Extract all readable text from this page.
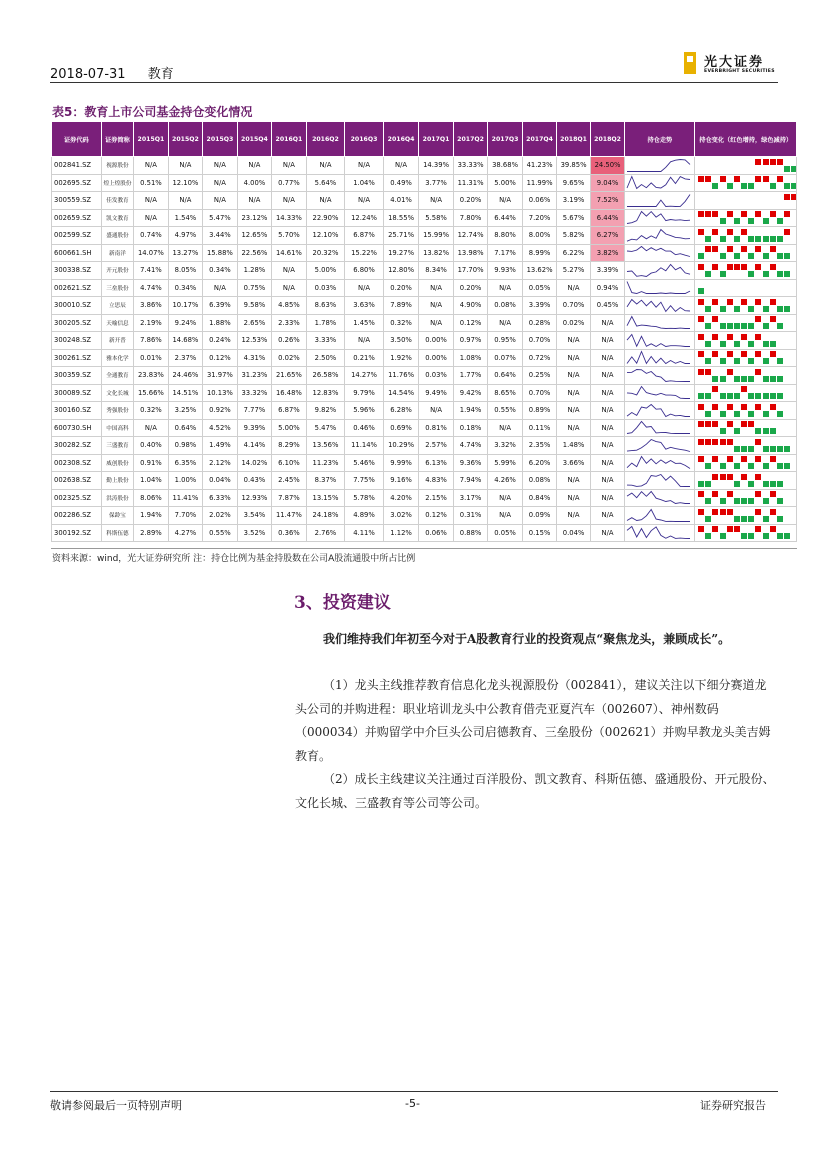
2018-07-31 教育
光大证券
EVERBRIGHT SECURITIES
表5：教育上市公司基金持仓变化情况
证券代码	证券简称	2015Q1	2015Q2	2015Q3	2015Q4	2016Q1	2016Q2	2016Q3	2016Q4	2017Q1	2017Q2	2017Q3	2017Q4	2018Q1	2018Q2	持仓走势	持仓变化（红色增持，绿色减持）
002841.SZ	视源股份	N/A	N/A	N/A	N/A	N/A	N/A	N/A	N/A	14.39%	33.33%	38.68%	41.23%	39.85%	24.50%	

002695.SZ	煌上煌股份	0.51%	12.10%	N/A	4.00%	0.77%	5.64%	1.04%	0.49%	3.77%	11.31%	5.00%	11.99%	9.65%	9.04%	

300559.SZ	佳发教育	N/A	N/A	N/A	N/A	N/A	N/A	N/A	4.01%	N/A	0.20%	N/A	0.06%	3.19%	7.52%	

002659.SZ	凯文教育	N/A	1.54%	5.47%	23.12%	14.33%	22.90%	12.24%	18.55%	5.58%	7.80%	6.44%	7.20%	5.67%	6.44%	

002599.SZ	盛通股份	0.74%	4.97%	3.44%	12.65%	5.70%	12.10%	6.87%	25.71%	15.99%	12.74%	8.80%	8.00%	5.82%	6.27%	

600661.SH	新南洋	14.07%	13.27%	15.88%	22.56%	14.61%	20.32%	15.22%	19.27%	13.82%	13.98%	7.17%	8.99%	6.22%	3.82%	

300338.SZ	开元股份	7.41%	8.05%	0.34%	1.28%	N/A	5.00%	6.80%	12.80%	8.34%	17.70%	9.93%	13.62%	5.27%	3.39%	

002621.SZ	三垒股份	4.74%	0.34%	N/A	0.75%	N/A	0.03%	N/A	0.20%	N/A	0.20%	N/A	0.05%	N/A	0.94%	

300010.SZ	立思辰	3.86%	10.17%	6.39%	9.58%	4.85%	8.63%	3.63%	7.89%	N/A	4.90%	0.08%	3.39%	0.70%	0.45%	

300205.SZ	天喻信息	2.19%	9.24%	1.88%	2.65%	2.33%	1.78%	1.45%	0.32%	N/A	0.12%	N/A	0.28%	0.02%	N/A	

300248.SZ	新开普	7.86%	14.68%	0.24%	12.53%	0.26%	3.33%	N/A	3.50%	0.00%	0.97%	0.95%	0.70%	N/A	N/A	

300261.SZ	雅本化学	0.01%	2.37%	0.12%	4.31%	0.02%	2.50%	0.21%	1.92%	0.00%	1.08%	0.07%	0.72%	N/A	N/A	

300359.SZ	全通教育	23.83%	24.46%	31.97%	31.23%	21.65%	26.58%	14.27%	11.76%	0.03%	1.77%	0.64%	0.25%	N/A	N/A	

300089.SZ	文化长城	15.66%	14.51%	10.13%	33.32%	16.48%	12.83%	9.79%	14.54%	9.49%	9.42%	8.65%	0.70%	N/A	N/A	

300160.SZ	秀强股份	0.32%	3.25%	0.92%	7.77%	6.87%	9.82%	5.96%	6.28%	N/A	1.94%	0.55%	0.89%	N/A	N/A	

600730.SH	中国高科	N/A	0.64%	4.52%	9.39%	5.00%	5.47%	0.46%	0.69%	0.81%	0.18%	N/A	0.11%	N/A	N/A	

300282.SZ	三盛教育	0.40%	0.98%	1.49%	4.14%	8.29%	13.56%	11.14%	10.29%	2.57%	4.74%	3.32%	2.35%	1.48%	N/A	

002308.SZ	威创股份	0.91%	6.35%	2.12%	14.02%	6.10%	11.23%	5.46%	9.99%	6.13%	9.36%	5.99%	6.20%	3.66%	N/A	

002638.SZ	勤上股份	1.04%	1.00%	0.04%	0.43%	2.45%	8.37%	7.75%	9.16%	4.83%	7.94%	4.26%	0.08%	N/A	N/A	

002325.SZ	洪涛股份	8.06%	11.41%	6.33%	12.93%	7.87%	13.15%	5.78%	4.20%	2.15%	3.17%	N/A	0.84%	N/A	N/A	

002286.SZ	保龄宝	1.94%	7.70%	2.02%	3.54%	11.47%	24.18%	4.89%	3.02%	0.12%	0.31%	N/A	0.09%	N/A	N/A	

300192.SZ	科斯伍德	2.89%	4.27%	0.55%	3.52%	0.36%	2.76%	4.11%	1.12%	0.06%	0.88%	0.05%	0.15%	0.04%	N/A	

资料来源：wind，光大证券研究所 注：持仓比例为基金持股数在公司A股流通股中所占比例
3、投资建议
我们维持我们年初至今对于A股教育行业的投资观点“聚焦龙头，兼顾成长”。
（1）龙头主线推荐教育信息化龙头视源股份（002841），建议关注以下细分赛道龙头公司的并购进程：职业培训龙头中公教育借壳亚夏汽车（002607）、神州数码（000034）并购留学中介巨头公司启德教育、三垒股份（002621）并购早教龙头美吉姆教育。
（2）成长主线建议关注通过百洋股份、凯文教育、科斯伍德、盛通股份、开元股份、文化长城、三盛教育等公司等公司。
敬请参阅最后一页特别声明	-5-	证券研究报告
